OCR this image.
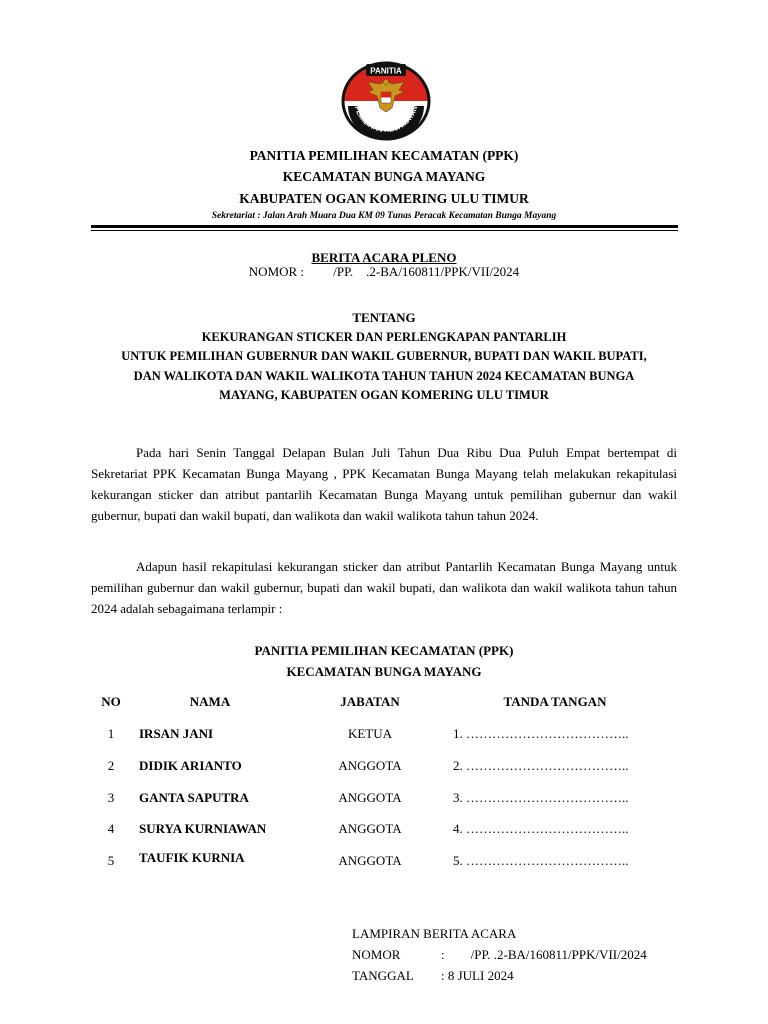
PANITIA
PEMILIHAN KECAMATAN
PANITIA PEMILIHAN KECAMATAN (PPK)
KECAMATAN BUNGA MAYANG
KABUPATEN OGAN KOMERING ULU TIMUR
Sekretariat : Jalan Arah Muara Dua KM 09 Tunas Peracak Kecamatan Bunga Mayang
BERITA ACARA PLENO
NOMOR :         /PP.    .2-BA/160811/PPK/VII/2024
TENTANG
KEKURANGAN STICKER DAN PERLENGKAPAN PANTARLIH
UNTUK PEMILIHAN GUBERNUR DAN WAKIL GUBERNUR, BUPATI DAN WAKIL BUPATI,
DAN WALIKOTA DAN WAKIL WALIKOTA TAHUN TAHUN 2024 KECAMATAN BUNGA
MAYANG, KABUPATEN OGAN KOMERING ULU TIMUR

Pada hari Senin Tanggal Delapan Bulan Juli Tahun Dua Ribu Dua Puluh Empat bertempat di Sekretariat PPK Kecamatan Bunga Mayang , PPK Kecamatan Bunga Mayang telah melakukan rekapitulasi kekurangan sticker dan atribut pantarlih Kecamatan Bunga Mayang untuk pemilihan gubernur dan wakil gubernur, bupati dan wakil bupati, dan walikota dan wakil walikota tahun tahun 2024.

Adapun hasil rekapitulasi kekurangan sticker dan atribut Pantarlih Kecamatan Bunga Mayang untuk pemilihan gubernur dan wakil gubernur, bupati dan wakil bupati, dan walikota dan wakil walikota tahun tahun 2024 adalah sebagaimana terlampir :

PANITIA PEMILIHAN KECAMATAN (PPK)
KECAMATAN BUNGA MAYANG
NO	NAMA	JABATAN	TANDA TANGAN
1	IRSAN JANI	KETUA	1. ………………………………..
2	DIDIK ARIANTO	ANGGOTA	2. ………………………………..
3	GANTA SAPUTRA	ANGGOTA	3. ………………………………..
4	SURYA KURNIAWAN	ANGGOTA	4. ………………………………..
5	TAUFIK KURNIA	ANGGOTA	5. ………………………………..
LAMPIRAN BERITA ACARA
NOMOR	:        /PP. .2-BA/160811/PPK/VII/2024
TANGGAL : 8 JULI 2024
